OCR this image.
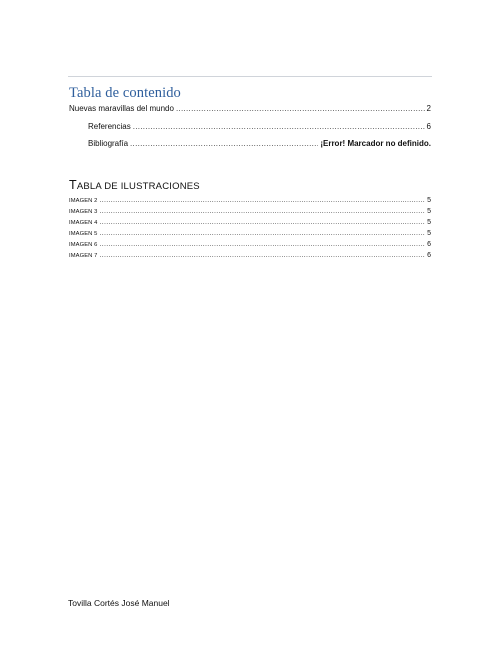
Tabla de contenido
Nuevas maravillas del mundo .....	2
Referencias .....	6
Bibliografía .....	¡Error! Marcador no definido.
TABLA DE ILUSTRACIONES
IMAGEN 2 .....	5
IMAGEN 3 .....	5
IMAGEN 4 .....	5
IMAGEN 5 .....	5
IMAGEN 6 .....	6
IMAGEN 7 .....	6
Tovilla Cortés José Manuel
